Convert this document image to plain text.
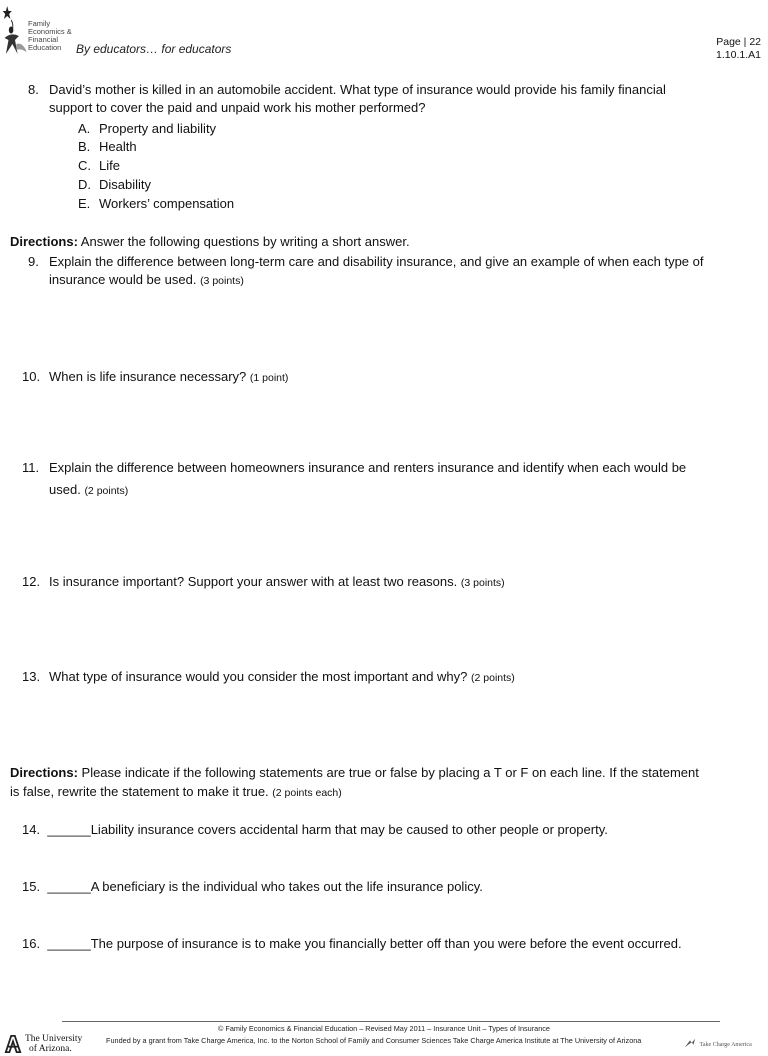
Family
Economics &
Financial
Education	By educators… for educators	Page | 22
1.10.1.A1
8. David’s mother is killed in an automobile accident. What type of insurance would provide his family financial
support to cover the paid and unpaid work his mother performed?
A. Property and liability
B. Health
C. Life
D. Disability
E. Workers’ compensation
Directions: Answer the following questions by writing a short answer.
9. Explain the difference between long-term care and disability insurance, and give an example of when each type of
insurance would be used. (3 points)
10. When is life insurance necessary? (1 point)
11. Explain the difference between homeowners insurance and renters insurance and identify when each would be
used. (2 points)
12. Is insurance important? Support your answer with at least two reasons. (3 points)
13. What type of insurance would you consider the most important and why? (2 points)
Directions: Please indicate if the following statements are true or false by placing a T or F on each line. If the statement
is false, rewrite the statement to make it true. (2 points each)
14. ______Liability insurance covers accidental harm that may be caused to other people or property.
15. ______A beneficiary is the individual who takes out the life insurance policy.
16. ______The purpose of insurance is to make you financially better off than you were before the event occurred.
© Family Economics & Financial Education – Revised May 2011 – Insurance Unit – Types of Insurance
The University
of Arizona.
Funded by a grant from Take Charge America, Inc. to the Norton School of Family and Consumer Sciences Take Charge America Institute at The University of Arizona	Take Charge America
